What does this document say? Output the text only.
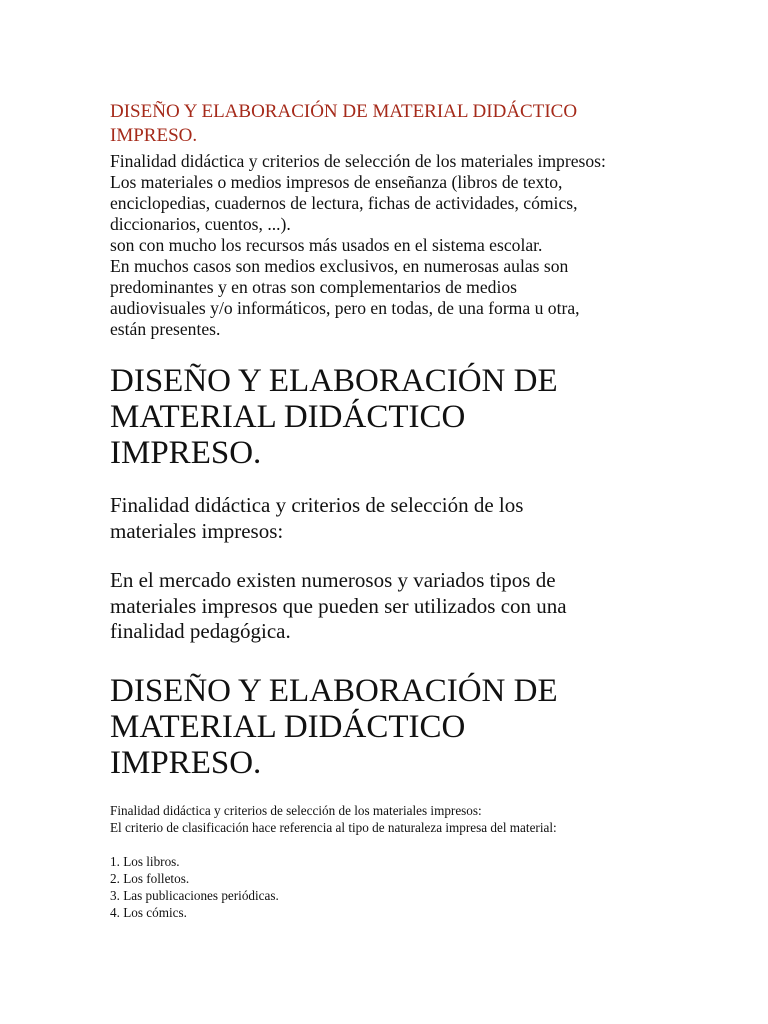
DISEÑO Y ELABORACIÓN DE MATERIAL DIDÁCTICO
IMPRESO.

Finalidad didáctica y criterios de selección de los materiales impresos:

Los materiales o medios impresos de enseñanza (libros de texto,

enciclopedias, cuadernos de lectura, fichas de actividades, cómics,

diccionarios, cuentos, ...).

son con mucho los recursos más usados en el sistema escolar.

En muchos casos son medios exclusivos, en numerosas aulas son

predominantes y en otras son complementarios de medios

audiovisuales y/o informáticos, pero en todas, de una forma u otra,

están presentes.

DISEÑO Y ELABORACIÓN DE
MATERIAL DIDÁCTICO
IMPRESO.
Finalidad didáctica y criterios de selección de los
materiales impresos:
En el mercado existen numerosos y variados tipos de
materiales impresos que pueden ser utilizados con una
finalidad pedagógica.
DISEÑO Y ELABORACIÓN DE
MATERIAL DIDÁCTICO
IMPRESO.

Finalidad didáctica y criterios de selección de los materiales impresos:

El criterio de clasificación hace referencia al tipo de naturaleza impresa del material:

1. Los libros.
2. Los folletos.
3. Las publicaciones periódicas.
4. Los cómics.
